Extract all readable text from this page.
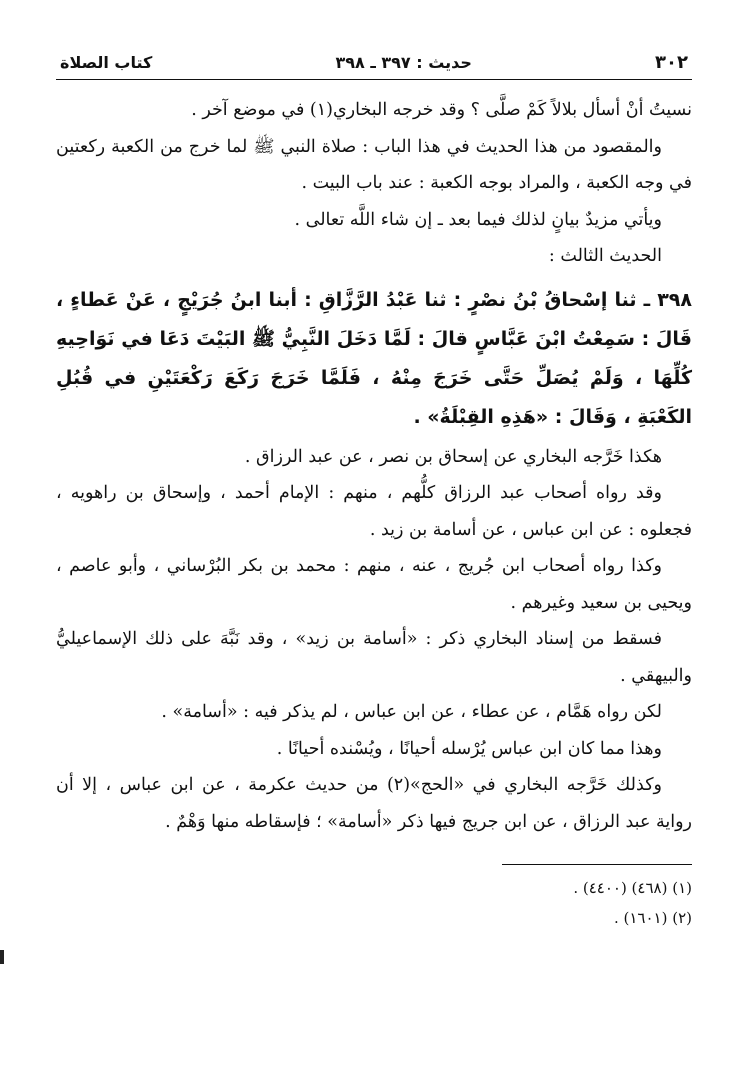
٣٠٢
حديث : ٣٩٧ ـ ٣٩٨
كتاب الصلاة

نسيتُ أنْ أسأل بلالاً كَمْ صلَّى ؟ وقد خرجه البخاري(١) في موضع آخر .

والمقصود من هذا الحديث في هذا الباب : صلاة النبي ﷺ لما خرج من الكعبة ركعتين في وجه الكعبة ، والمراد بوجه الكعبة : عند باب البيت .

ويأتي مزيدٌ بيانٍ لذلك فيما بعد ـ إن شاء اللَّه تعالى .

الحديث الثالث :

٣٩٨ ـ ثنا إسْحاقُ بْنُ نصْرٍ : ثنا عَبْدُ الرَّزَّاقِ : أبنا ابنُ جُرَيْجٍ ، عَنْ عَطاءٍ ، قَالَ : سَمِعْتُ ابْنَ عَبَّاسٍ قالَ : لَمَّا دَخَلَ النَّبِيُّ ﷺ البَيْتَ دَعَا في نَوَاحِيهِ كُلِّهَا ، وَلَمْ يُصَلِّ حَتَّى خَرَجَ مِنْهُ ، فَلَمَّا خَرَجَ رَكَعَ رَكْعَتَيْنِ في قُبُلِ الكَعْبَةِ ، وَقَالَ : «هَذِهِ القِبْلَةُ» .

هكذا خَرَّجه البخاري عن إسحاق بن نصر ، عن عبد الرزاق .

وقد رواه أصحاب عبد الرزاق كلُّهم ، منهم : الإمام أحمد ، وإسحاق بن راهويه ، فجعلوه : عن ابن عباس ، عن أسامة بن زيد .

وكذا رواه أصحاب ابن جُريج ، عنه ، منهم : محمد بن بكر البُرْساني ، وأبو عاصم ، ويحيى بن سعيد وغيرهم .

فسقط من إسناد البخاري ذكر : «أسامة بن زيد» ، وقد نَبَّهَ على ذلك الإسماعيليُّ والبيهقي .

لكن رواه هَمَّام ، عن عطاء ، عن ابن عباس ، لم يذكر فيه : «أسامة» .

وهذا مما كان ابن عباس يُرْسله أحيانًا ، ويُسْنده أحيانًا .

وكذلك خَرَّجه البخاري في «الحج»(٢) من حديث عكرمة ، عن ابن عباس ، إلا أن رواية عبد الرزاق ، عن ابن جريج فيها ذكر «أسامة» ؛ فإسقاطه منها وَهْمٌ .

(١) (٤٦٨) (٤٤٠٠) .
(٢) (١٦٠١) .
